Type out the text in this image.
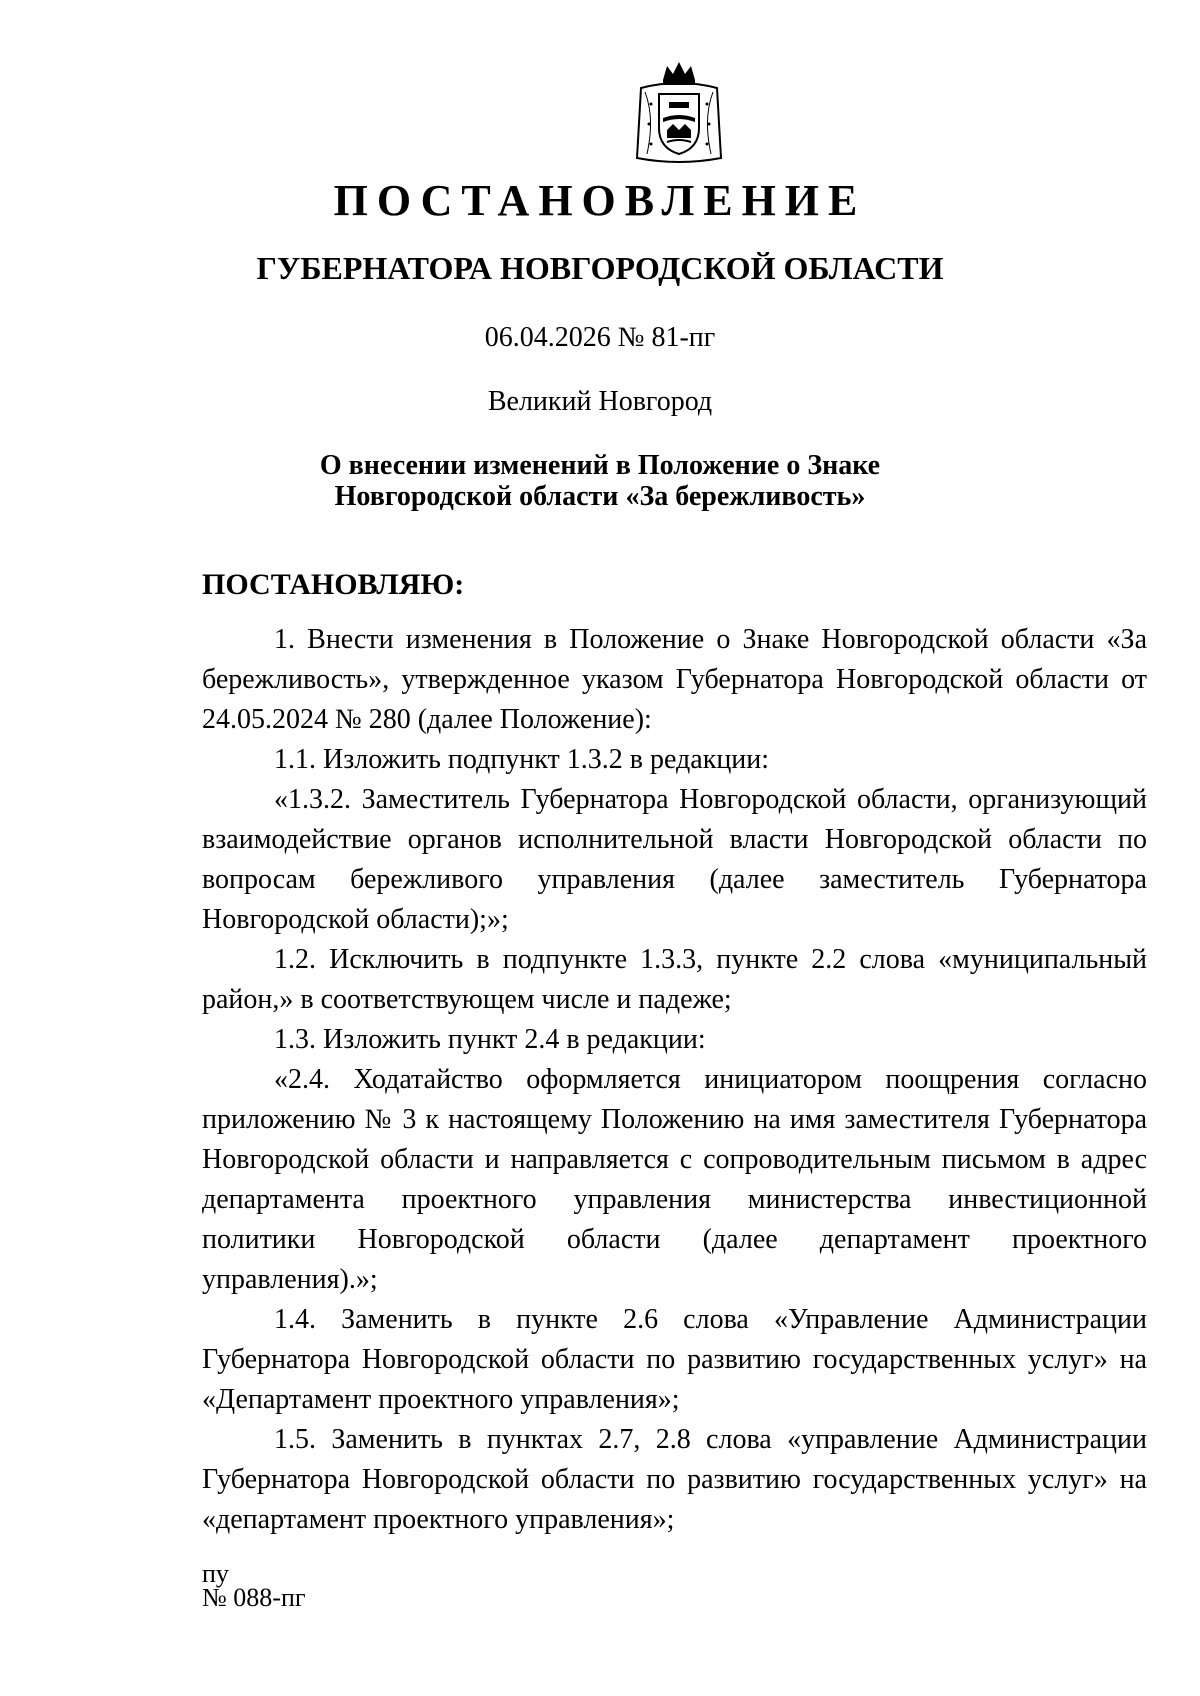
ПОСТАНОВЛЕНИЕ
ГУБЕРНАТОРА НОВГОРОДСКОЙ ОБЛАСТИ
06.04.2026 № 81-пг
Великий Новгород
О внесении изменений в Положение о Знаке
Новгородской области «За бережливость»
ПОСТАНОВЛЯЮ:

1. Внести изменения в Положение о Знаке Новгородской области «За бережливость», утвержденное указом Губернатора Новгородской области от 24.05.2024 № 280 (далее Положение):

1.1. Изложить подпункт 1.3.2 в редакции:

«1.3.2. Заместитель Губернатора Новгородской области, организующий взаимодействие органов исполнительной власти Новгородской области по вопросам бережливого управления (далее заместитель Губернатора Новгородской области);»;

1.2. Исключить в подпункте 1.3.3, пункте 2.2 слова «муниципальный район,» в соответствующем числе и падеже;

1.3. Изложить пункт 2.4 в редакции:

«2.4. Ходатайство оформляется инициатором поощрения согласно приложению № 3 к настоящему Положению на имя заместителя Губернатора Новгородской области и направляется с сопроводительным письмом в адрес департамента проектного управления министерства инвестиционной политики Новгородской области (далее департамент проектного управления).»;

1.4. Заменить в пункте 2.6 слова «Управление Администрации Губернатора Новгородской области по развитию государственных услуг» на «Департамент проектного управления»;

1.5. Заменить в пунктах 2.7, 2.8 слова «управление Администрации Губернатора Новгородской области по развитию государственных услуг» на «департамент проектного управления»;

пу
№ 088-пг
